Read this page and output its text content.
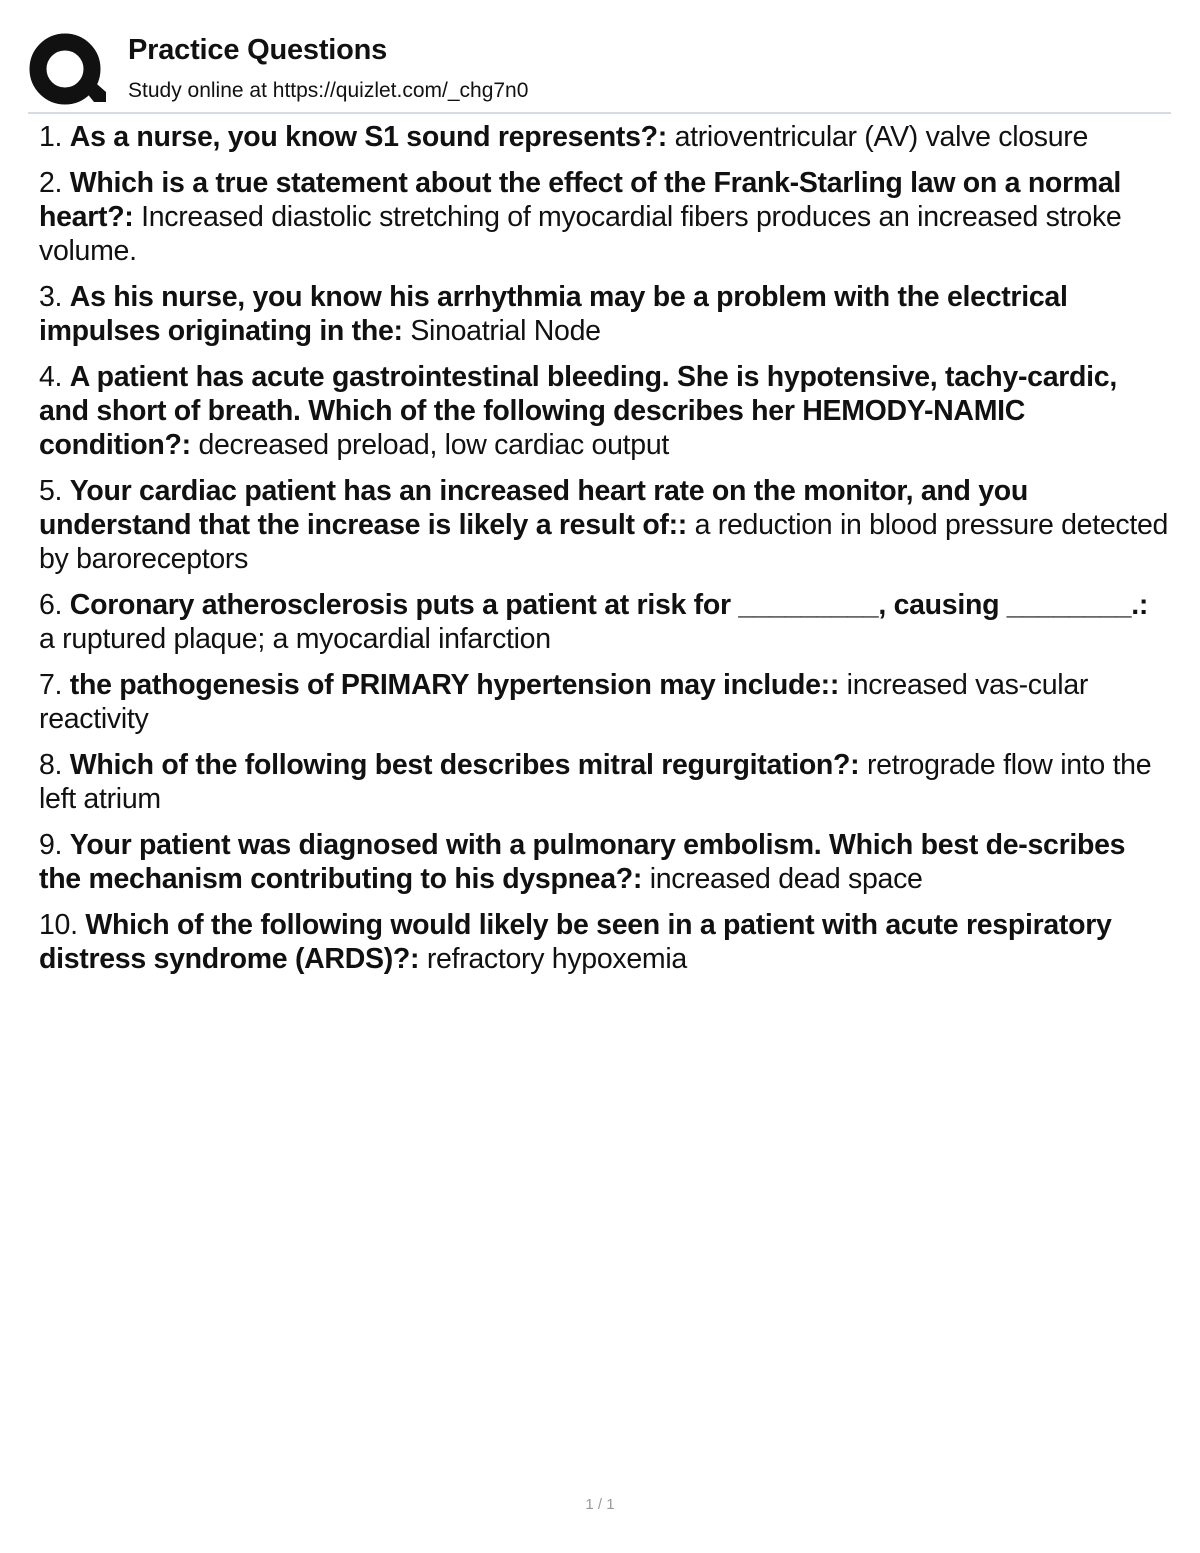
Practice Questions
Study online at https://quizlet.com/_chg7n0
1. As a nurse, you know S1 sound represents?: atrioventricular (AV) valve closure
2. Which is a true statement about the effect of the Frank-Starling law on a normal heart?: Increased diastolic stretching of myocardial fibers produces an increased stroke volume.
3. As his nurse, you know his arrhythmia may be a problem with the electrical impulses originating in the: Sinoatrial Node
4. A patient has acute gastrointestinal bleeding. She is hypotensive, tachy-cardic, and short of breath. Which of the following describes her HEMODY-NAMIC condition?: decreased preload, low cardiac output
5. Your cardiac patient has an increased heart rate on the monitor, and you understand that the increase is likely a result of:: a reduction in blood pressure detected by baroreceptors
6. Coronary atherosclerosis puts a patient at risk for _________, causing ________.: a ruptured plaque; a myocardial infarction
7. the pathogenesis of PRIMARY hypertension may include:: increased vas-cular reactivity
8. Which of the following best describes mitral regurgitation?: retrograde flow into the left atrium
9. Your patient was diagnosed with a pulmonary embolism. Which best de-scribes the mechanism contributing to his dyspnea?: increased dead space
10. Which of the following would likely be seen in a patient with acute respiratory distress syndrome (ARDS)?: refractory hypoxemia
1 / 1
